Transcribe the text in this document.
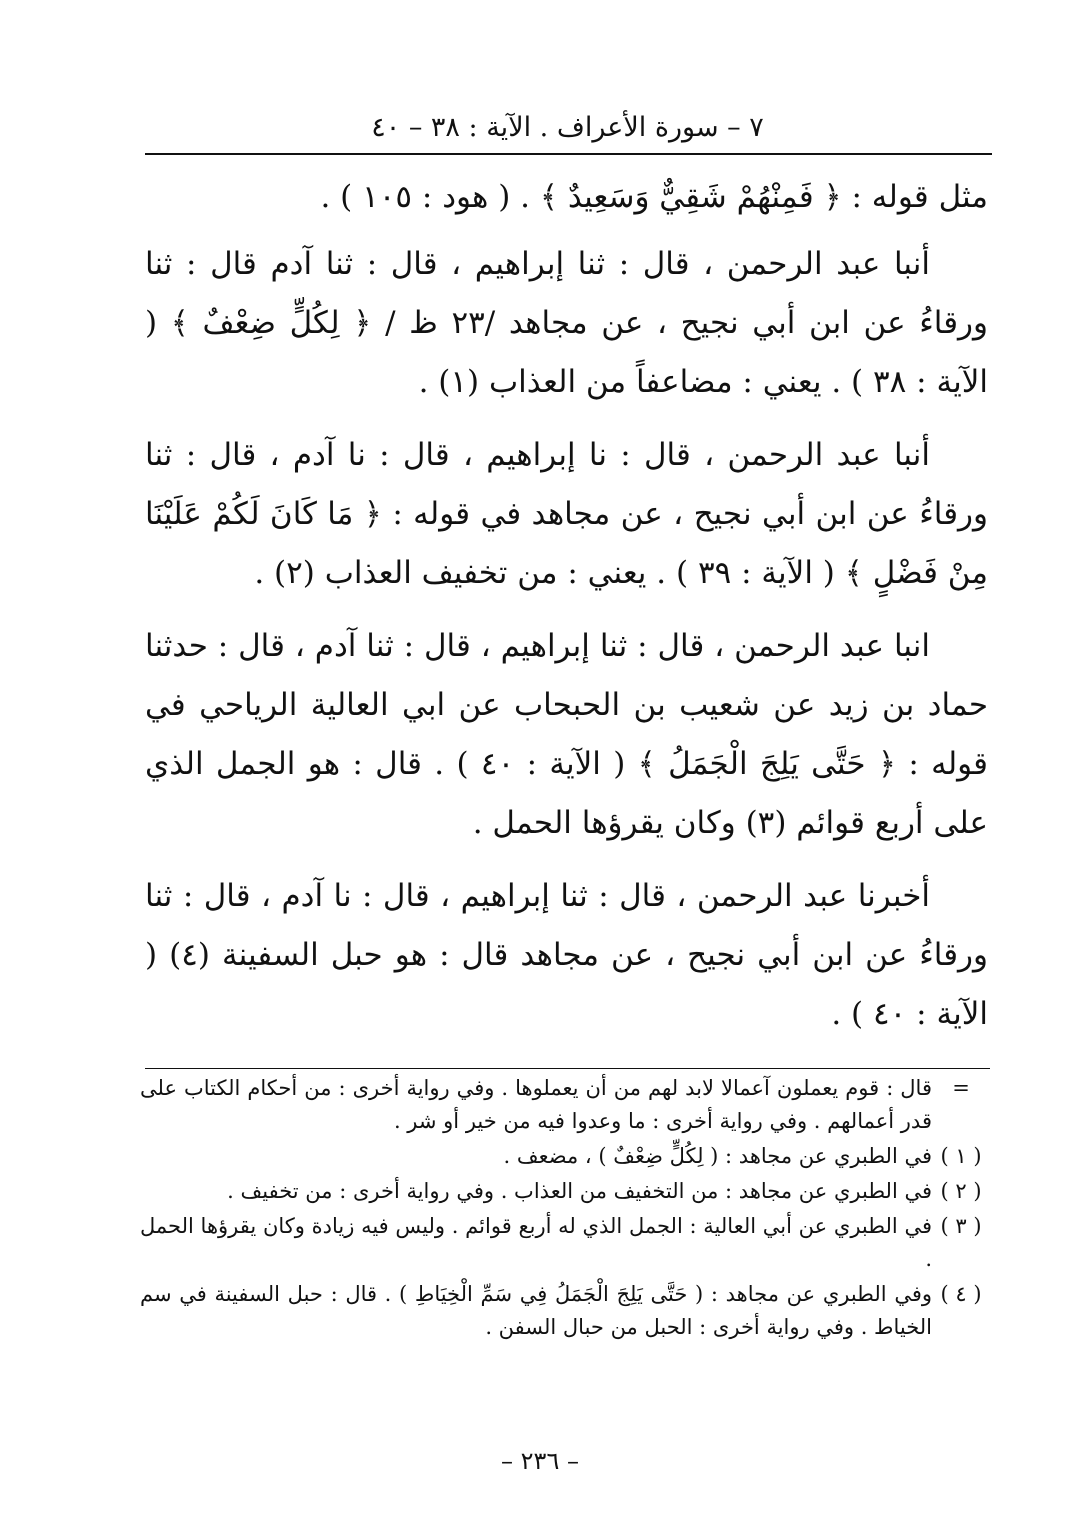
٧ – سورة الأعراف . الآية : ٣٨ – ٤٠

مثل قوله : ﴿ فَمِنْهُمْ شَقِيٌّ وَسَعِيدٌ ﴾ . ( هود : ١٠٥ ) .

أنبا عبد الرحمن ، قال : ثنا إبراهيم ، قال : ثنا آدم قال : ثنا ورقاءُ عن ابن أبي نجيح ، عن مجاهد /٢٣ ظ / ﴿ لِكُلٍّ ضِعْفٌ ﴾ ( الآية : ٣٨ ) . يعني : مضاعفاً من العذاب (١) .

أنبا عبد الرحمن ، قال : نا إبراهيم ، قال : نا آدم ، قال : ثنا ورقاءُ عن ابن أبي نجيح ، عن مجاهد في قوله : ﴿ مَا كَانَ لَكُمْ عَلَيْنَا مِنْ فَضْلٍ ﴾ ( الآية : ٣٩ ) . يعني : من تخفيف العذاب (٢) .

انبا عبد الرحمن ، قال : ثنا إبراهيم ، قال : ثنا آدم ، قال : حدثنا حماد بن زيد عن شعيب بن الحبحاب عن ابي العالية الرياحي في قوله : ﴿ حَتَّى يَلِجَ الْجَمَلُ ﴾ ( الآية : ٤٠ ) . قال : هو الجمل الذي على أربع قوائم (٣) وكان يقرؤها الحمل .

أخبرنا عبد الرحمن ، قال : ثنا إبراهيم ، قال : نا آدم ، قال : ثنا ورقاءُ عن ابن أبي نجيح ، عن مجاهد قال : هو حبل السفينة (٤) ( الآية : ٤٠ ) .

=
قال : قوم يعملون آعمالا لابد لهم من أن يعملوها . وفي رواية أخرى : من أحكام الكتاب على قدر أعمالهم . وفي رواية أخرى : ما وعدوا فيه من خير أو شر .
( ١ )
في الطبري عن مجاهد : ( لِكُلٍّ ضِعْفٌ ) ، مضعف .
( ٢ )
في الطبري عن مجاهد : من التخفيف من العذاب . وفي رواية أخرى : من تخفيف .
( ٣ )
في الطبري عن أبي العالية : الجمل الذي له أربع قوائم . وليس فيه زيادة وكان يقرؤها الحمل .
( ٤ )
وفي الطبري عن مجاهد : ( حَتَّى يَلِجَ الْجَمَلُ فِي سَمِّ الْخِيَاطِ ) . قال : حبل السفينة في سم الخياط . وفي رواية أخرى : الحبل من حبال السفن .
– ٢٣٦ –
